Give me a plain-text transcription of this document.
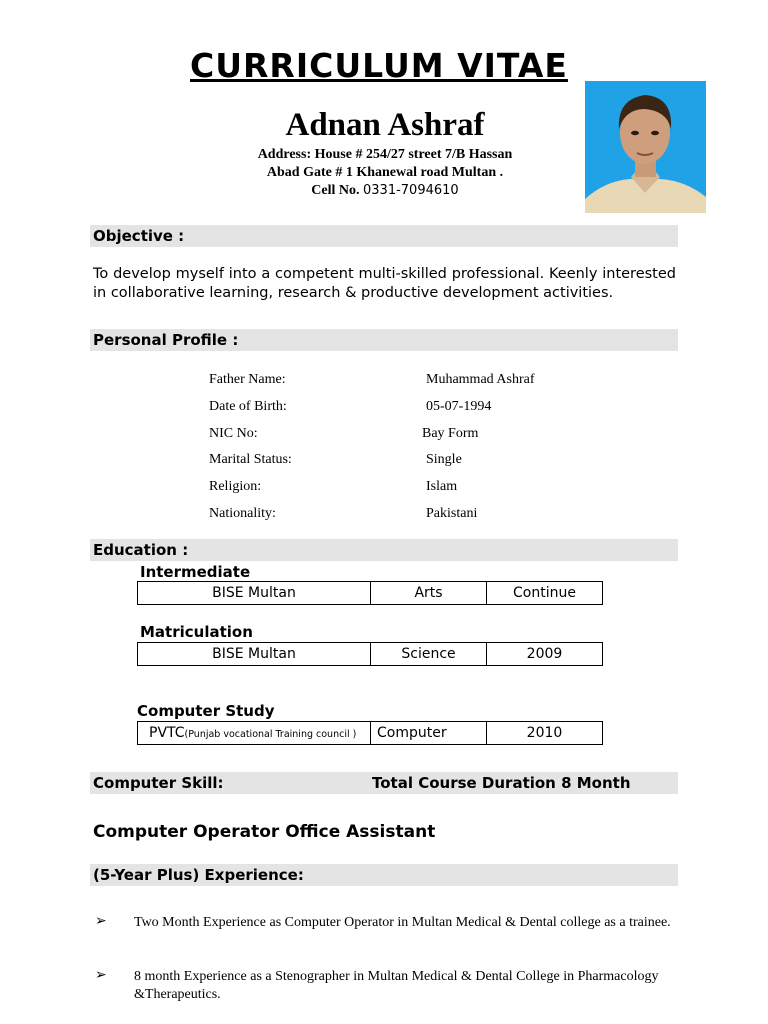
CURRICULUM VITAE
Adnan Ashraf
Address: House # 254/27 street 7/B Hassan
Abad Gate # 1 Khanewal road Multan .
Cell No. 0331-7094610
Objective :
To develop myself into a competent multi-skilled professional. Keenly interested in collaborative learning, research & productive development activities.
Personal Profile :
Father Name:	Muhammad Ashraf
Date of Birth:	05-07-1994
NIC No:	Bay Form
Marital Status:	Single
Religion:	Islam
Nationality:	Pakistani
Education :
Intermediate
BISE Multan	Arts	Continue
Matriculation
BISE Multan	Science	2009
Computer Study
PVTC(Punjab vocational Training council )	Computer	2010
Computer Skill:	Total Course Duration 8 Month
Computer Operator Office Assistant
(5-Year Plus) Experience:
➢ Two Month Experience as Computer Operator in Multan Medical & Dental college as a trainee.
➢ 8 month Experience as a Stenographer in Multan Medical & Dental College in Pharmacology &Therapeutics.
